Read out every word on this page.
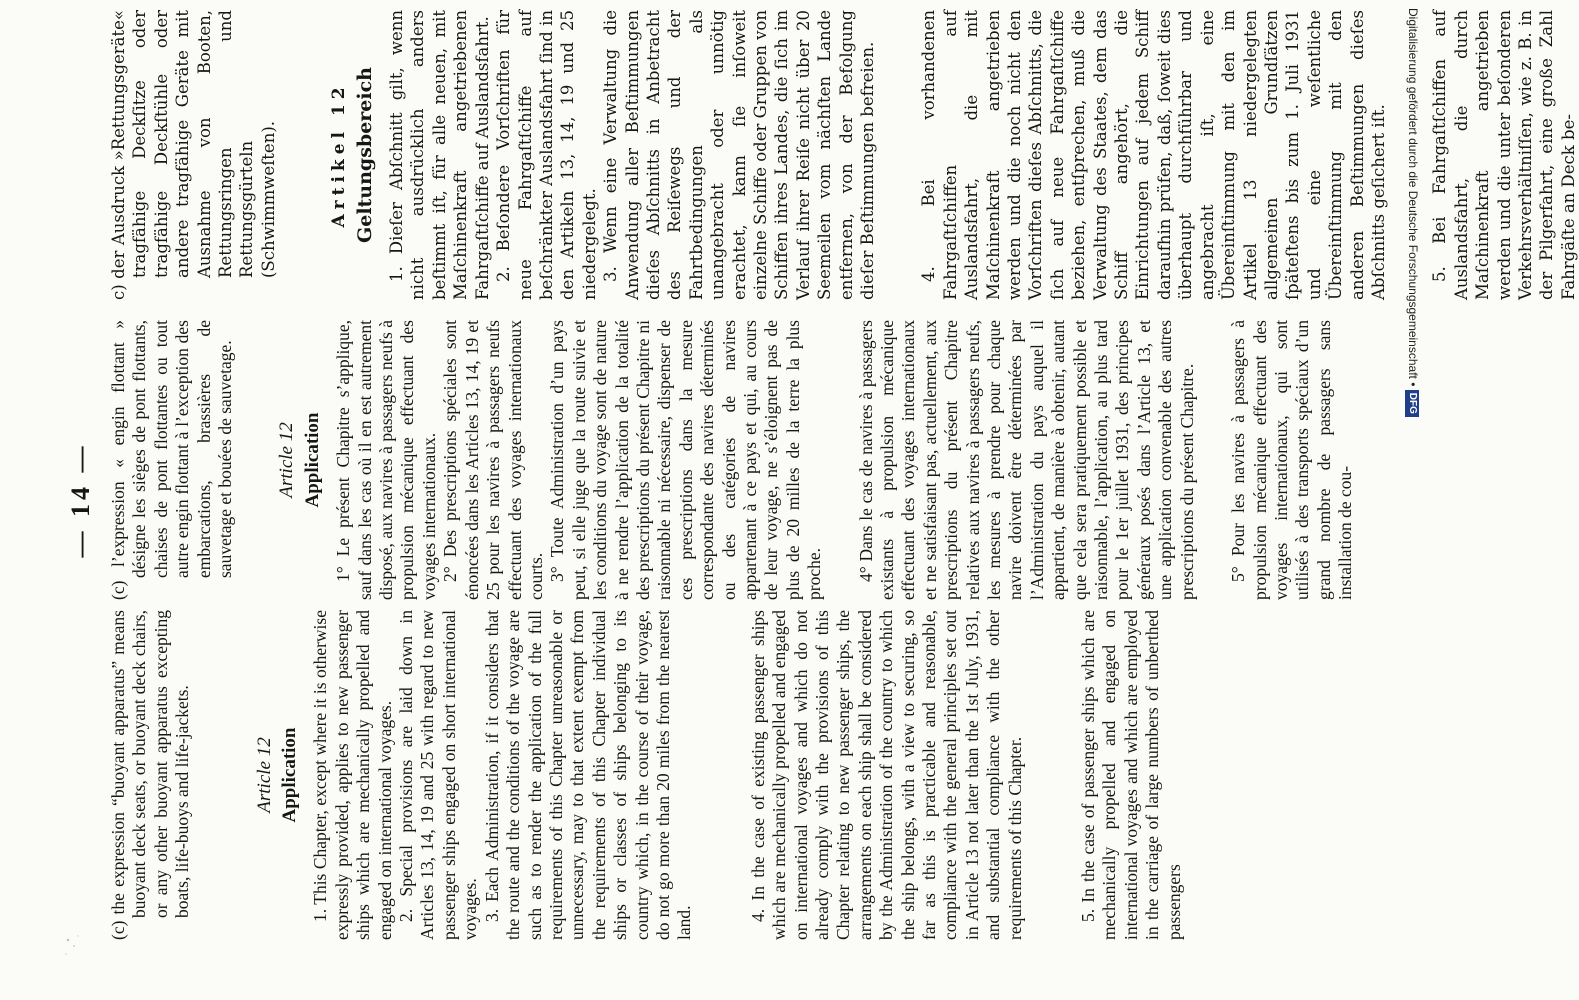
— 14 —

(c) the expression “buoyant apparatus” means buoyant deck seats, or buoyant deck chairs, or any other buoyant apparatus excepting boats, life-buoys and life-jackets.	Article 12 Application 1. This Chapter, except where it is otherwise expressly provided, applies to new passenger ships which are mechanically propelled and engaged on international voyages. 2. Special provisions are laid down in Articles 13, 14, 19 and 25 with regard to new passenger ships engaged on short international voyages. 3. Each Administration, if it considers that the route and the conditions of the voyage are such as to render the application of the full requirements of this Chapter unreasonable or unnecessary, may to that extent exempt from the requirements of this Chapter individual ships or classes of ships belonging to its country which, in the course of their voyage, do not go more than 20 miles from the nearest land.

4. In the case of existing passenger ships which are mechanically propelled and engaged on international voyages and which do not already comply with the provisions of this Chapter relating to new passenger ships, the arrangements on each ship shall be considered by the Administration of the country to which the ship belongs, with a view to securing, so far as this is practicable and reasonable, compliance with the general principles set out in Article 13 not later than the 1st July, 1931, and substantial compliance with the other requirements of this Chapter.	5. In the case of passenger ships which are mechanically propelled and engaged on international voyages and which are employed in the carriage of large numbers of unberthed passengers

(c) l’expression « engin flottant » désigne les sièges de pont flottants, chaises de pont flottantes ou tout autre engin flottant à l’exception des embarcations, brassières de sauvetage et bouées de sauvetage. Article 12 Application 1° Le présent Chapitre s’applique, sauf dans les cas où il en est autrement disposé, aux navires à passagers neufs à propulsion mécanique effectuant des voyages internationaux. 2° Des prescriptions spéciales sont énoncées dans les Articles 13, 14, 19 et 25 pour les navires à passagers neufs effectuant des voyages internationaux courts. 3° Toute Administration d’un pays peut, si elle juge que la route suivie et les conditions du voyage sont de nature à ne rendre l’application de la totalité des prescriptions du présent Chapitre ni raisonnable ni nécessaire, dispenser de ces prescriptions dans la mesure correspondante des navires déterminés ou des catégories de navires appartenant à ce pays et qui, au cours de leur voyage, ne s’éloignent pas de plus de 20 milles de la terre la plus proche. 4° Dans le cas de navires à passagers existants à propulsion mécanique effectuant des voyages internationaux et ne satisfaisant pas, actuellement, aux prescriptions du présent Chapitre relatives aux navires à passagers neufs, les mesures à prendre pour chaque navire doivent être déterminées par l’Administration du pays auquel il appartient, de manière à obtenir, autant que cela sera pratiquement possible et raisonnable, l’application, au plus tard pour le 1er juillet 1931, des principes généraux posés dans l’Article 13, et une application convenable des autres prescriptions du présent Chapitre. 5° Pour les navires à passagers à propulsion mécanique effectuant des voyages internationaux, qui sont utilisés à des transports spéciaux d’un grand nombre de passagers sans installation de cou-

c) der Ausdruck »Rettungsgeräte« tragfähige Deckſitze oder tragfähige Deckſtühle oder andere tragfähige Geräte mit Ausnahme von Booten, Rettungsringen und Rettungsgürteln (Schwimmweſten).	Artikel 12 Geltungsbereich 1. Dieſer Abſchnitt gilt, wenn nicht ausdrücklich anders beſtimmt iſt, für alle neuen, mit Maſchinenkraft angetriebenen Fahrgaſtſchiffe auf Auslandsfahrt. 2. Beſondere Vorſchriften für neue Fahrgaſtſchiffe auf beſchränkter Auslandsfahrt ſind in den Artikeln 13, 14, 19 und 25 niedergelegt. 3. Wenn eine Verwaltung die Anwendung aller Beſtimmungen dieſes Abſchnitts in Anbetracht des Reiſewegs und der Fahrtbedingungen als unangebracht oder unnötig erachtet, kann ſie inſoweit einzelne Schiffe oder Gruppen von Schiffen ihres Landes, die ſich im Verlauf ihrer Reiſe nicht über 20 Seemeilen vom nächſten Lande entfernen, von der Befolgung dieſer Beſtimmungen befreien.	4. Bei vorhandenen Fahrgaſtſchiffen auf Auslandsfahrt, die mit Maſchinenkraft angetrieben werden und die noch nicht den Vorſchriften dieſes Abſchnitts, die ſich auf neue Fahrgaſtſchiffe beziehen, entſprechen, muß die Verwaltung des Staates, dem das Schiff angehört, die Einrichtungen auf jedem Schiff daraufhin prüfen, daß, ſoweit dies überhaupt durchführbar und angebracht iſt, eine Übereinſtimmung mit den im Artikel 13 niedergelegten allgemeinen Grundſätzen ſpäteſtens bis zum 1. Juli 1931 und eine weſentliche Übereinſtimmung mit den anderen Beſtimmungen dieſes Abſchnitts geſichert iſt.	5. Bei Fahrgaſtſchiffen auf Auslandsfahrt, die durch Maſchinenkraft angetrieben werden und die unter beſonderen Verkehrsverhältniſſen, wie z. B. in der Pilgerfahrt, eine große Zahl Fahrgäſte an Deck be-

Digitalisierung gefördert durch die Deutsche Forschungsgemeinschaft • DFG
